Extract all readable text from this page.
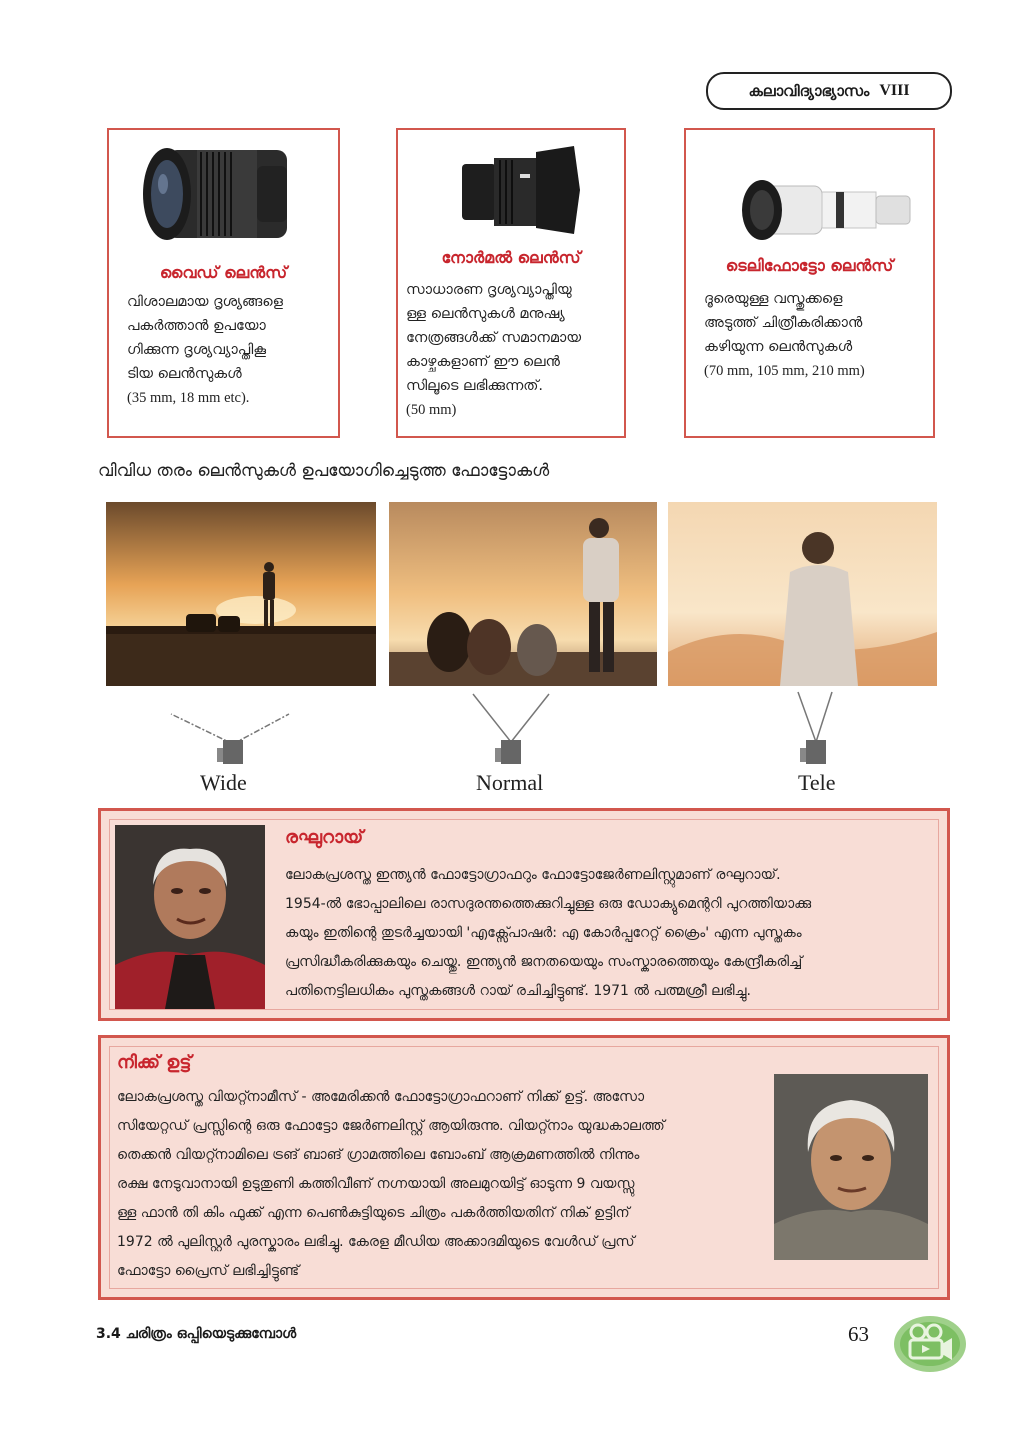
കലാവിദ്യാഭ്യാസം VIII
വൈഡ് ലെൻസ്
വിശാലമായ ദൃശ്യങ്ങളെ
പകർത്താൻ ഉപയോ
ഗിക്കുന്ന ദൃശ്യവ്യാപ്തികൂ
ടിയ ലെൻസുകൾ
(35 mm, 18 mm etc).
നോർമൽ ലെൻസ്
സാധാരണ ദൃശ്യവ്യാപ്തിയു
ള്ള ലെൻസുകൾ മനുഷ്യ
നേത്രങ്ങൾക്ക് സമാനമായ
കാഴ്ചകളാണ് ഈ ലെൻ
സിലൂടെ ലഭിക്കുന്നത്.
(50 mm)
ടെലിഫോട്ടോ ലെൻസ്
ദൂരെയുള്ള വസ്തുക്കളെ
അടുത്ത് ചിത്രീകരിക്കാൻ
കഴിയുന്ന ലെൻസുകൾ
(70 mm, 105 mm, 210 mm)
വിവിധ തരം ലെൻസുകൾ ഉപയോഗിച്ചെടുത്ത ഫോട്ടോകൾ
Wide	Normal	Tele
രഘുറായ്
ലോകപ്രശസ്ത ഇന്ത്യൻ ഫോട്ടോഗ്രാഫറും ഫോട്ടോജേർണലിസ്റ്റുമാണ് രഘുറായ്.
1954-ൽ ഭോപ്പാലിലെ രാസദുരന്തത്തെക്കുറിച്ചുള്ള ഒരു ഡോക്യുമെന്ററി പുറത്തിയാക്കു
കയും ഇതിന്റെ തുടർച്ചയായി 'എക്സ്പോഷർ: എ കോർപ്പറേറ്റ് ക്രൈം' എന്ന പുസ്തകം
പ്രസിദ്ധീകരിക്കുകയും ചെയ്തു. ഇന്ത്യൻ ജനതയെയും സംസ്കാരത്തെയും കേന്ദ്രീകരിച്ച്
പതിനെട്ടിലധികം പുസ്തകങ്ങൾ റായ് രചിച്ചിട്ടുണ്ട്. 1971 ൽ പത്മശ്രീ ലഭിച്ചു.
നിക്ക് ഉട്ട്
ലോകപ്രശസ്ത വിയറ്റ്നാമീസ് - അമേരിക്കൻ ഫോട്ടോഗ്രാഫറാണ് നിക്ക് ഉട്ട്. അസോ
സിയേറ്റഡ് പ്രസ്സിന്റെ ഒരു ഫോട്ടോ ജേർണലിസ്റ്റ് ആയിരുന്നു. വിയറ്റ്നാം യുദ്ധകാലത്ത്
തെക്കൻ വിയറ്റ്നാമിലെ ട്രങ് ബാങ് ഗ്രാമത്തിലെ ബോംബ് ആക്രമണത്തിൽ നിന്നും
രക്ഷ നേടുവാനായി ഉടുതുണി കത്തിവീണ് നഗ്നയായി അലമുറയിട്ട് ഓടുന്ന 9 വയസ്സു
ള്ള ഫാൻ തി കിം ഫുക്ക് എന്ന പെൺകുട്ടിയുടെ ചിത്രം പകർത്തിയതിന് നിക് ഉട്ടിന്
1972 ൽ പുലിസ്റ്റർ പുരസ്കാരം ലഭിച്ചു. കേരള മീഡിയ അക്കാദമിയുടെ വേൾഡ് പ്രസ്
ഫോട്ടോ പ്രൈസ് ലഭിച്ചിട്ടുണ്ട്
3.4 ചരിത്രം ഒപ്പിയെടുക്കുമ്പോൾ	63
